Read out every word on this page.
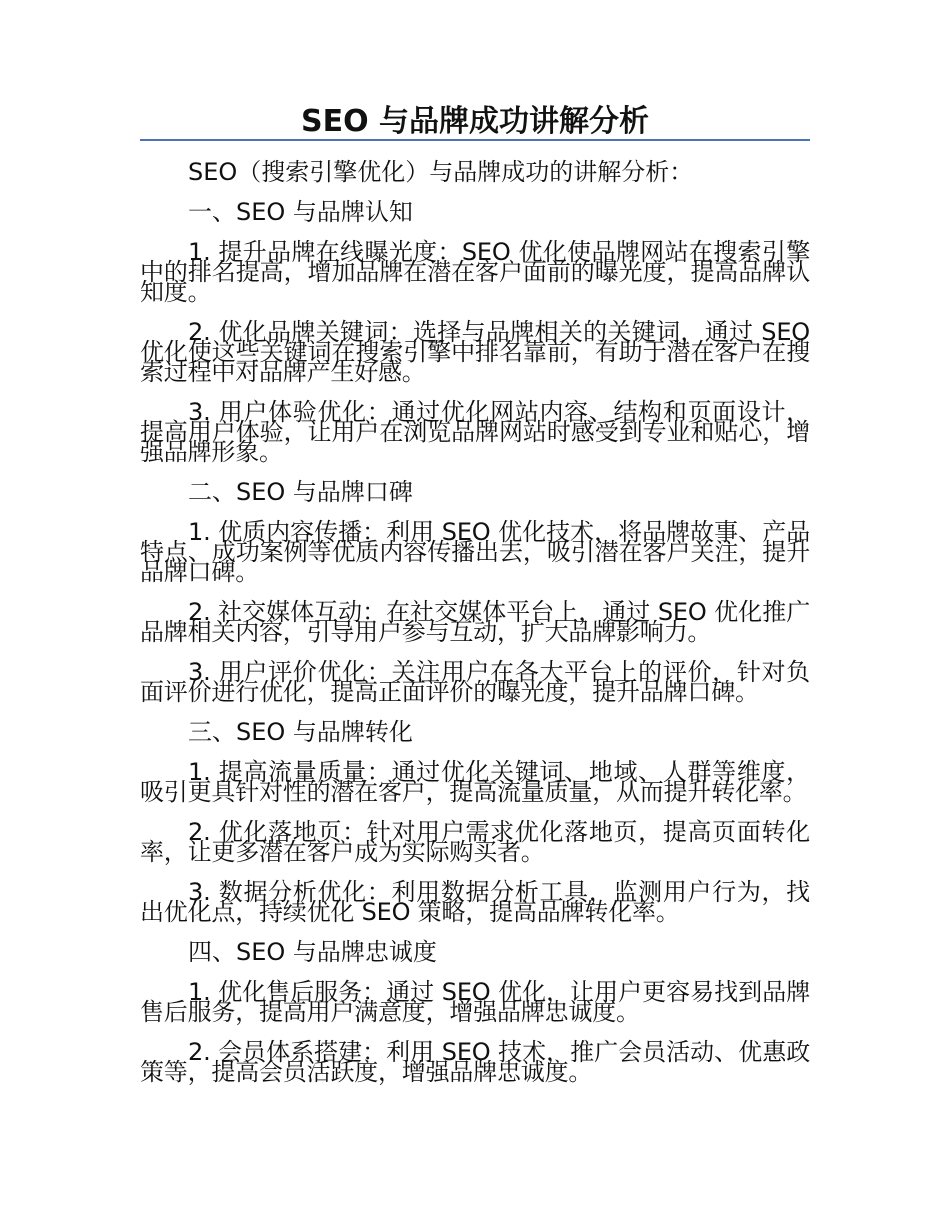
SEO 与品牌成功讲解分析

SEO（搜索引擎优化）与品牌成功的讲解分析：

一、SEO 与品牌认知

1. 提升品牌在线曝光度：SEO 优化使品牌网站在搜索引擎中的排名提高，增加品牌在潜在客户面前的曝光度，提高品牌认知度。

2. 优化品牌关键词：选择与品牌相关的关键词，通过 SEO 优化使这些关键词在搜索引擎中排名靠前，有助于潜在客户在搜索过程中对品牌产生好感。

3. 用户体验优化：通过优化网站内容、结构和页面设计，提高用户体验，让用户在浏览品牌网站时感受到专业和贴心，增强品牌形象。

二、SEO 与品牌口碑

1. 优质内容传播：利用 SEO 优化技术，将品牌故事、产品特点、成功案例等优质内容传播出去，吸引潜在客户关注，提升品牌口碑。

2. 社交媒体互动：在社交媒体平台上，通过 SEO 优化推广品牌相关内容，引导用户参与互动，扩大品牌影响力。

3. 用户评价优化：关注用户在各大平台上的评价，针对负面评价进行优化，提高正面评价的曝光度，提升品牌口碑。

三、SEO 与品牌转化

1. 提高流量质量：通过优化关键词、地域、人群等维度，吸引更具针对性的潜在客户，提高流量质量，从而提升转化率。

2. 优化落地页：针对用户需求优化落地页，提高页面转化率，让更多潜在客户成为实际购买者。

3. 数据分析优化：利用数据分析工具，监测用户行为，找出优化点，持续优化 SEO 策略，提高品牌转化率。

四、SEO 与品牌忠诚度

1. 优化售后服务：通过 SEO 优化，让用户更容易找到品牌售后服务，提高用户满意度，增强品牌忠诚度。

2. 会员体系搭建：利用 SEO 技术，推广会员活动、优惠政策等，提高会员活跃度，增强品牌忠诚度。
